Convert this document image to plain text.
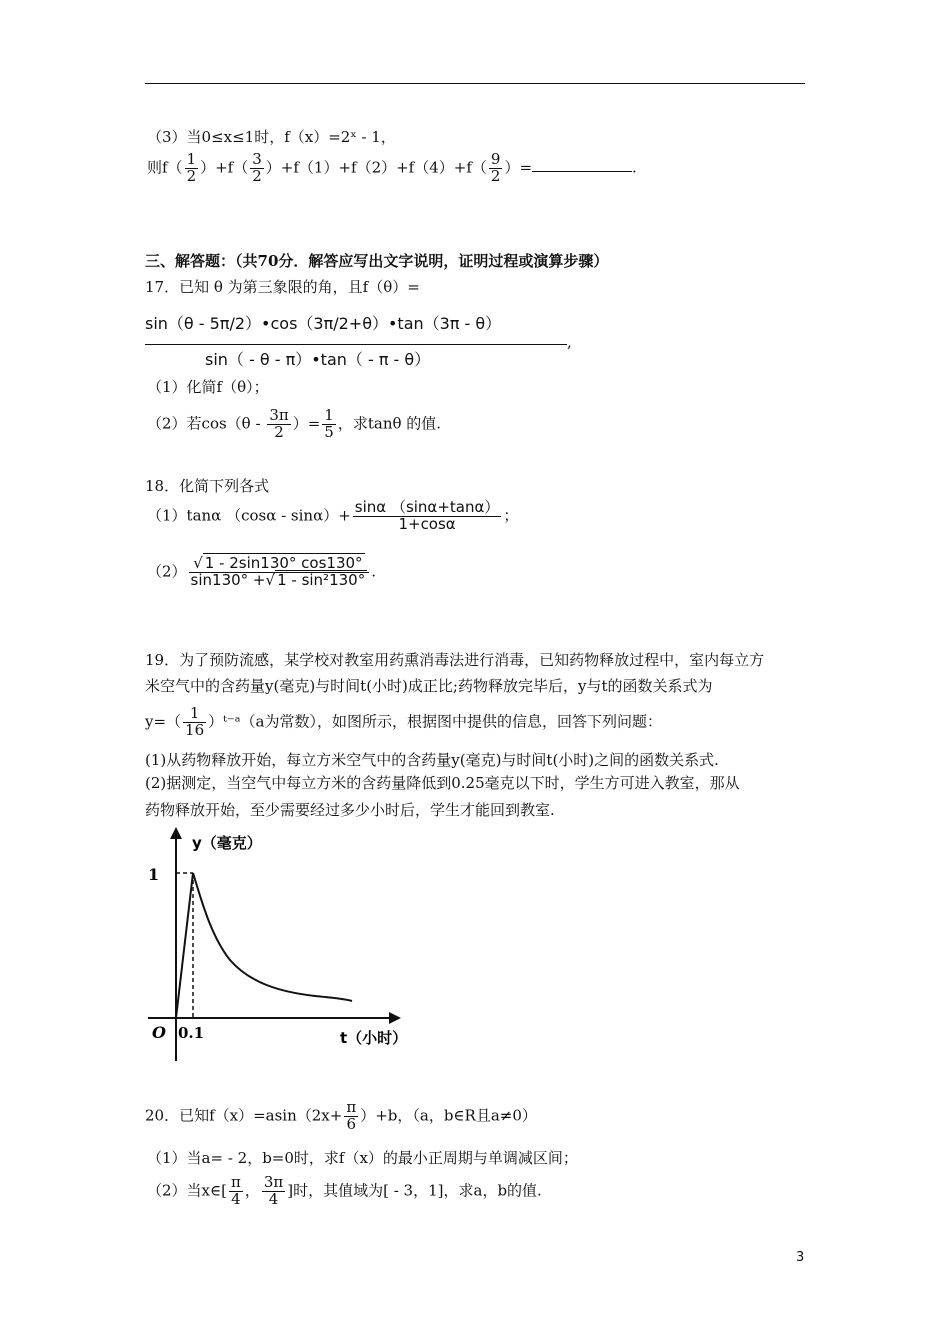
（3）当0≤x≤1时，f（x）=2ˣ - 1，
则$f( \frac{1}{2} )+f( \frac{3}{2} )+f(1)+f(2)+f(4)+f( \frac{9}{2}$ ）=	.
三、解答题：（共70分．解答应写出文字说明，证明过程或演算步骤）
17．已知 θ 为第三象限的角，且f（θ）=
sin（θ - 5π/2）•cos（3π/2+θ）•tan（3π - θ）
,
sin（ - θ - π）•tan（ - π - θ）
（1）化简f（θ）；
（2）若$\cos(\theta - \frac{3\pi}{2}$ ）= $\frac{1}{5}$ ，求tanθ 的值.
18．化简下列各式
（1）tanα $(\cos\alpha - \sin\alpha)+ \frac{\sin\alpha (\sin\alpha+\tan\alpha)}{1+\cos\alpha}$ ；
$(2) \frac{√ 1 - 2\sin 130^\circ \cos 130^\circ}{\text{sin130° +√ 1 - sin²130°}}$ .
19．为了预防流感，某学校对教室用药熏消毒法进行消毒，已知药物释放过程中，室内每立方
米空气中的含药量y(毫克)与时间t(小时)成正比;药物释放完毕后，y与t的函数关系式为
$y=( \frac{1}{16}$ ）ᵗ⁻ᵃ（a为常数），如图所示，根据图中提供的信息，回答下列问题：
(1)从药物释放开始，每立方米空气中的含药量y(毫克)与时间t(小时)之间的函数关系式.
(2)据测定，当空气中每立方米的含药量降低到0.25毫克以下时，学生方可进入教室，那从
药物释放开始，至少需要经过多少小时后，学生才能回到教室.
y（毫克）
t（小时）
O
1
0.1
20．已知$f(x)=asin(2x+ \frac{\pi}{6} )+b$，（a，b∈R且a≠0）
（1）当a= - 2，b=0时，求f（x）的最小正周期与单调减区间；
（2）当x∈[ $\frac{\pi}{4}$ ， $\frac{3\pi}{4}$ ]时，其值域为[ - 3，1]，求a，b的值.
3
